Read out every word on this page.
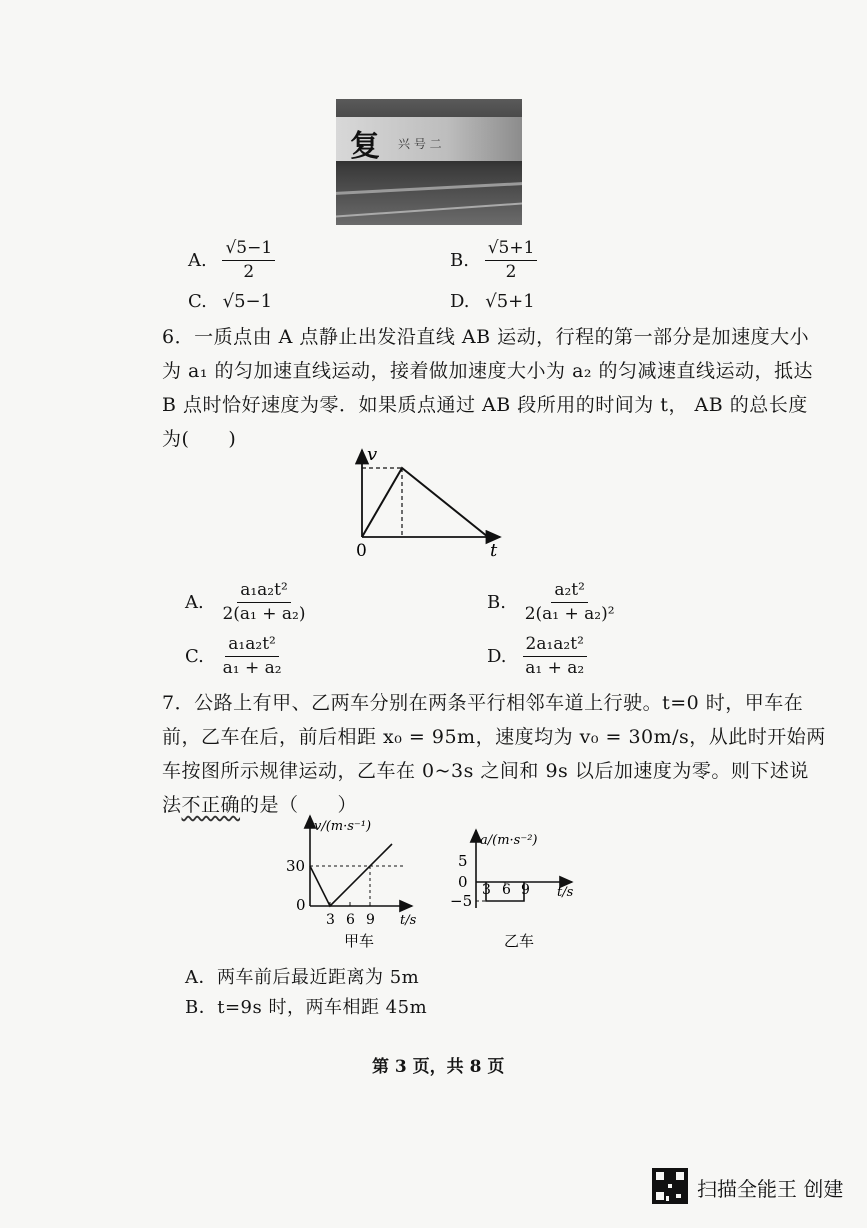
复 兴 号 二
A. $\frac{√5-1}{2}$	B. $\frac{√5+1}{2}$
C. √5−1	D. √5+1
6．一质点由 A 点静止出发沿直线 AB 运动，行程的第一部分是加速度大小
为 a₁ 的匀加速直线运动，接着做加速度大小为 a₂ 的匀减速直线运动，抵达
B 点时恰好速度为零．如果质点通过 AB 段所用的时间为 t， AB 的总长度
为(　　)
v
t
0
A. $\frac{\text{a₁a₂t²}}{\text{2(a₁ + a₂)}}$	B. $\frac{\text{a₂t²}}{\text{2(a₁ + a₂)²}}$
C. $\frac{\text{a₁a₂t²}}{\text{a₁ + a₂}}$	D. $\frac{\text{2a₁a₂t²}}{\text{a₁ + a₂}}$
7．公路上有甲、乙两车分别在两条平行相邻车道上行驶。t=0 时，甲车在
前，乙车在后，前后相距 x₀ = 95m，速度均为 v₀ = 30m/s，从此时开始两
车按图所示规律运动，乙车在 0~3s 之间和 9s 以后加速度为零。则下述说
法不正确的是（　　）
v/(m·s⁻¹)
30
0
3 6 9 t/s
甲车
a/(m·s⁻²)
5
0
−5
3 6 9 t/s
乙车
A．两车前后最近距离为 5m
B．t=9s 时，两车相距 45m
第 3 页，共 8 页
扫描全能王 创建
